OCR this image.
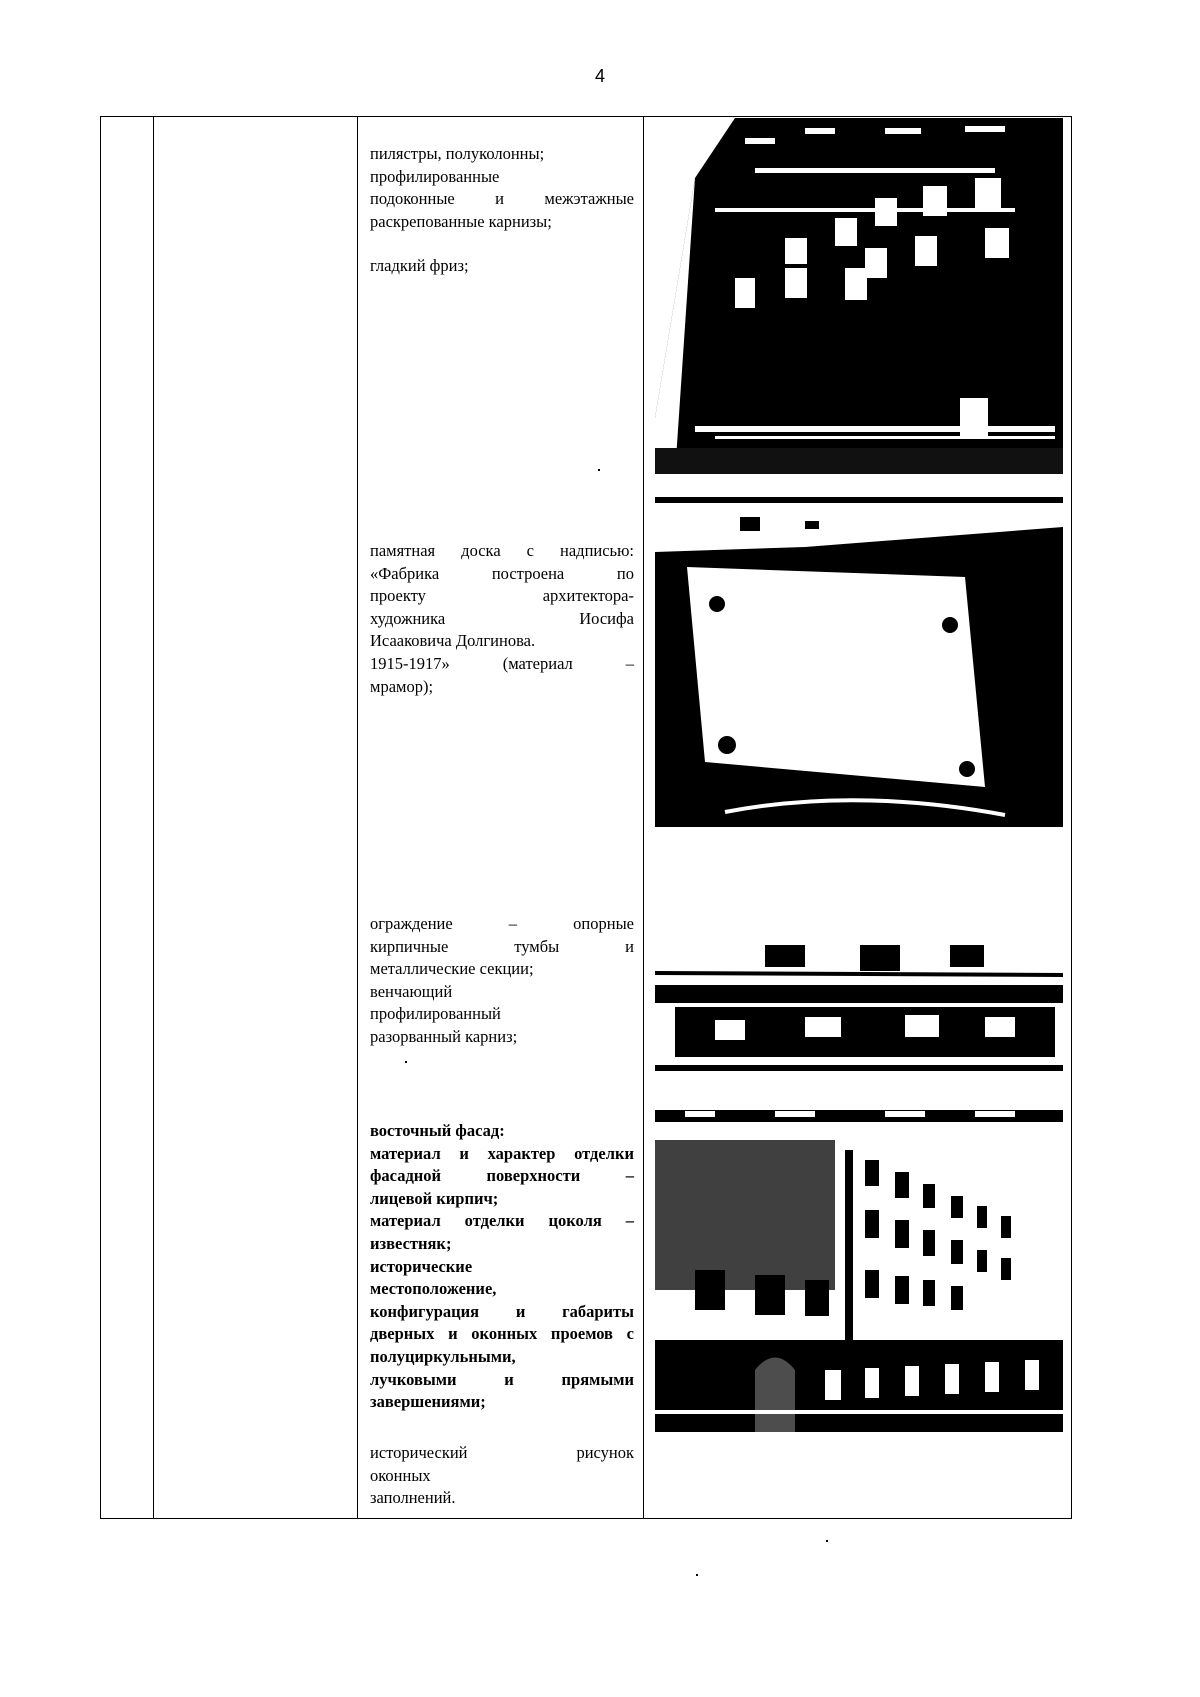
4

пилястры, полуколонны;

профилированные

подоконные и межэтажные

раскрепованные карнизы;

гладкий фриз;

памятная доска с надписью:

«Фабрика построена по

проекту архитектора-

художника Иосифа

Исааковича Долгинова.

1915-1917» (материал –

мрамор);

ограждение – опорные

кирпичные тумбы и

металлические секции;

венчающий

профилированный

разорванный карниз;

восточный фасад:

материал и характер отделки

фасадной поверхности –

лицевой кирпич;

материал отделки цоколя –

известняк;

исторические

местоположение,

конфигурация и габариты

дверных и оконных проемов с

полуциркульными,

лучковыми и прямыми

завершениями;

исторический рисунок

оконных

заполнений.
